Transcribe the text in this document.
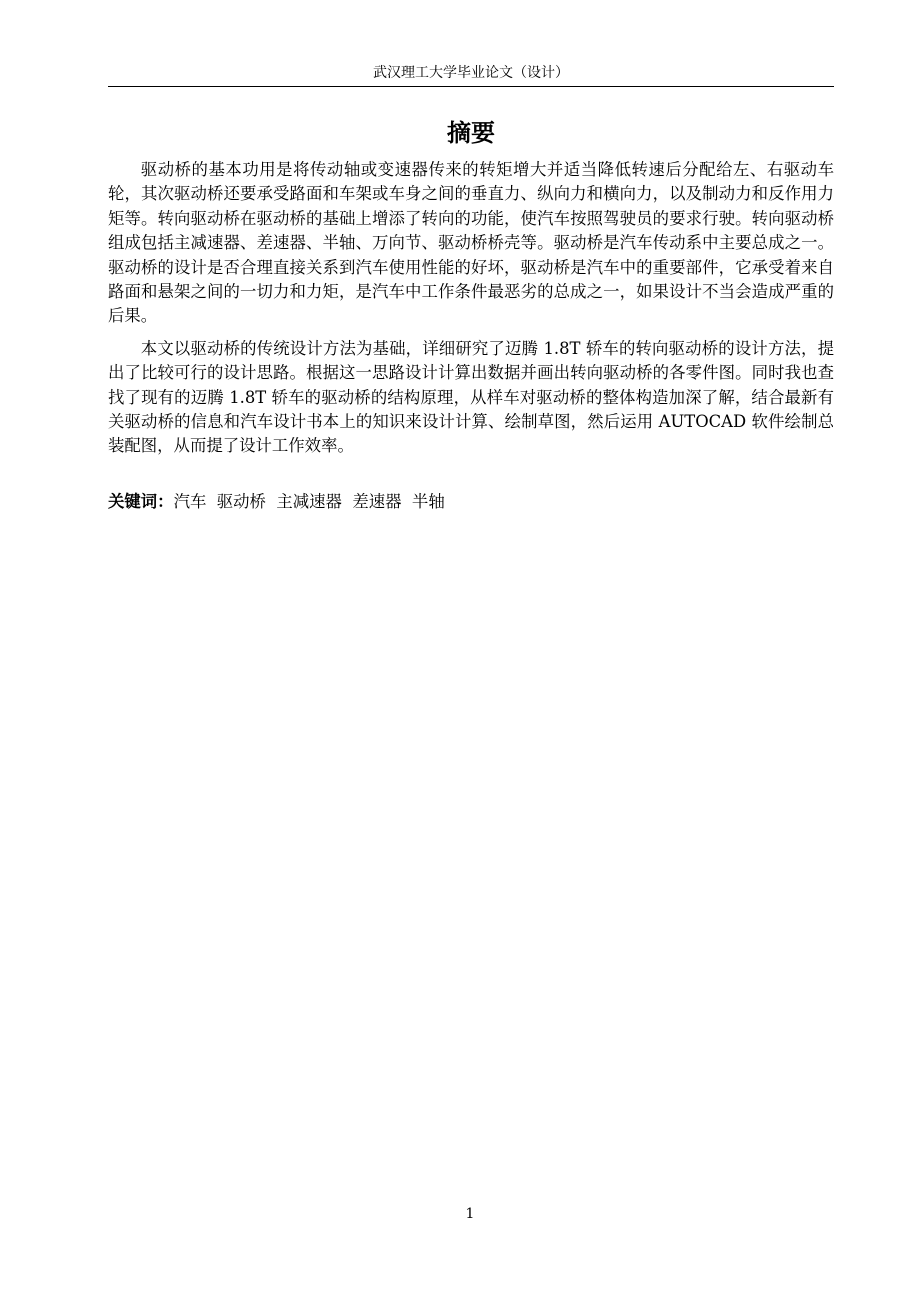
武汉理工大学毕业论文（设计）
摘要

驱动桥的基本功用是将传动轴或变速器传来的转矩增大并适当降低转速后分配给左、右驱动车轮，其次驱动桥还要承受路面和车架或车身之间的垂直力、纵向力和横向力，以及制动力和反作用力矩等。转向驱动桥在驱动桥的基础上增添了转向的功能，使汽车按照驾驶员的要求行驶。转向驱动桥组成包括主减速器、差速器、半轴、万向节、驱动桥桥壳等。驱动桥是汽车传动系中主要总成之一。驱动桥的设计是否合理直接关系到汽车使用性能的好坏，驱动桥是汽车中的重要部件，它承受着来自路面和悬架之间的一切力和力矩，是汽车中工作条件最恶劣的总成之一，如果设计不当会造成严重的后果。

本文以驱动桥的传统设计方法为基础，详细研究了迈腾 1.8T 轿车的转向驱动桥的设计方法，提出了比较可行的设计思路。根据这一思路设计计算出数据并画出转向驱动桥的各零件图。同时我也查找了现有的迈腾 1.8T 轿车的驱动桥的结构原理，从样车对驱动桥的整体构造加深了解，结合最新有关驱动桥的信息和汽车设计书本上的知识来设计计算、绘制草图，然后运用 AUTOCAD 软件绘制总装配图，从而提了设计工作效率。

关键词：汽车  驱动桥  主减速器  差速器  半轴
1
